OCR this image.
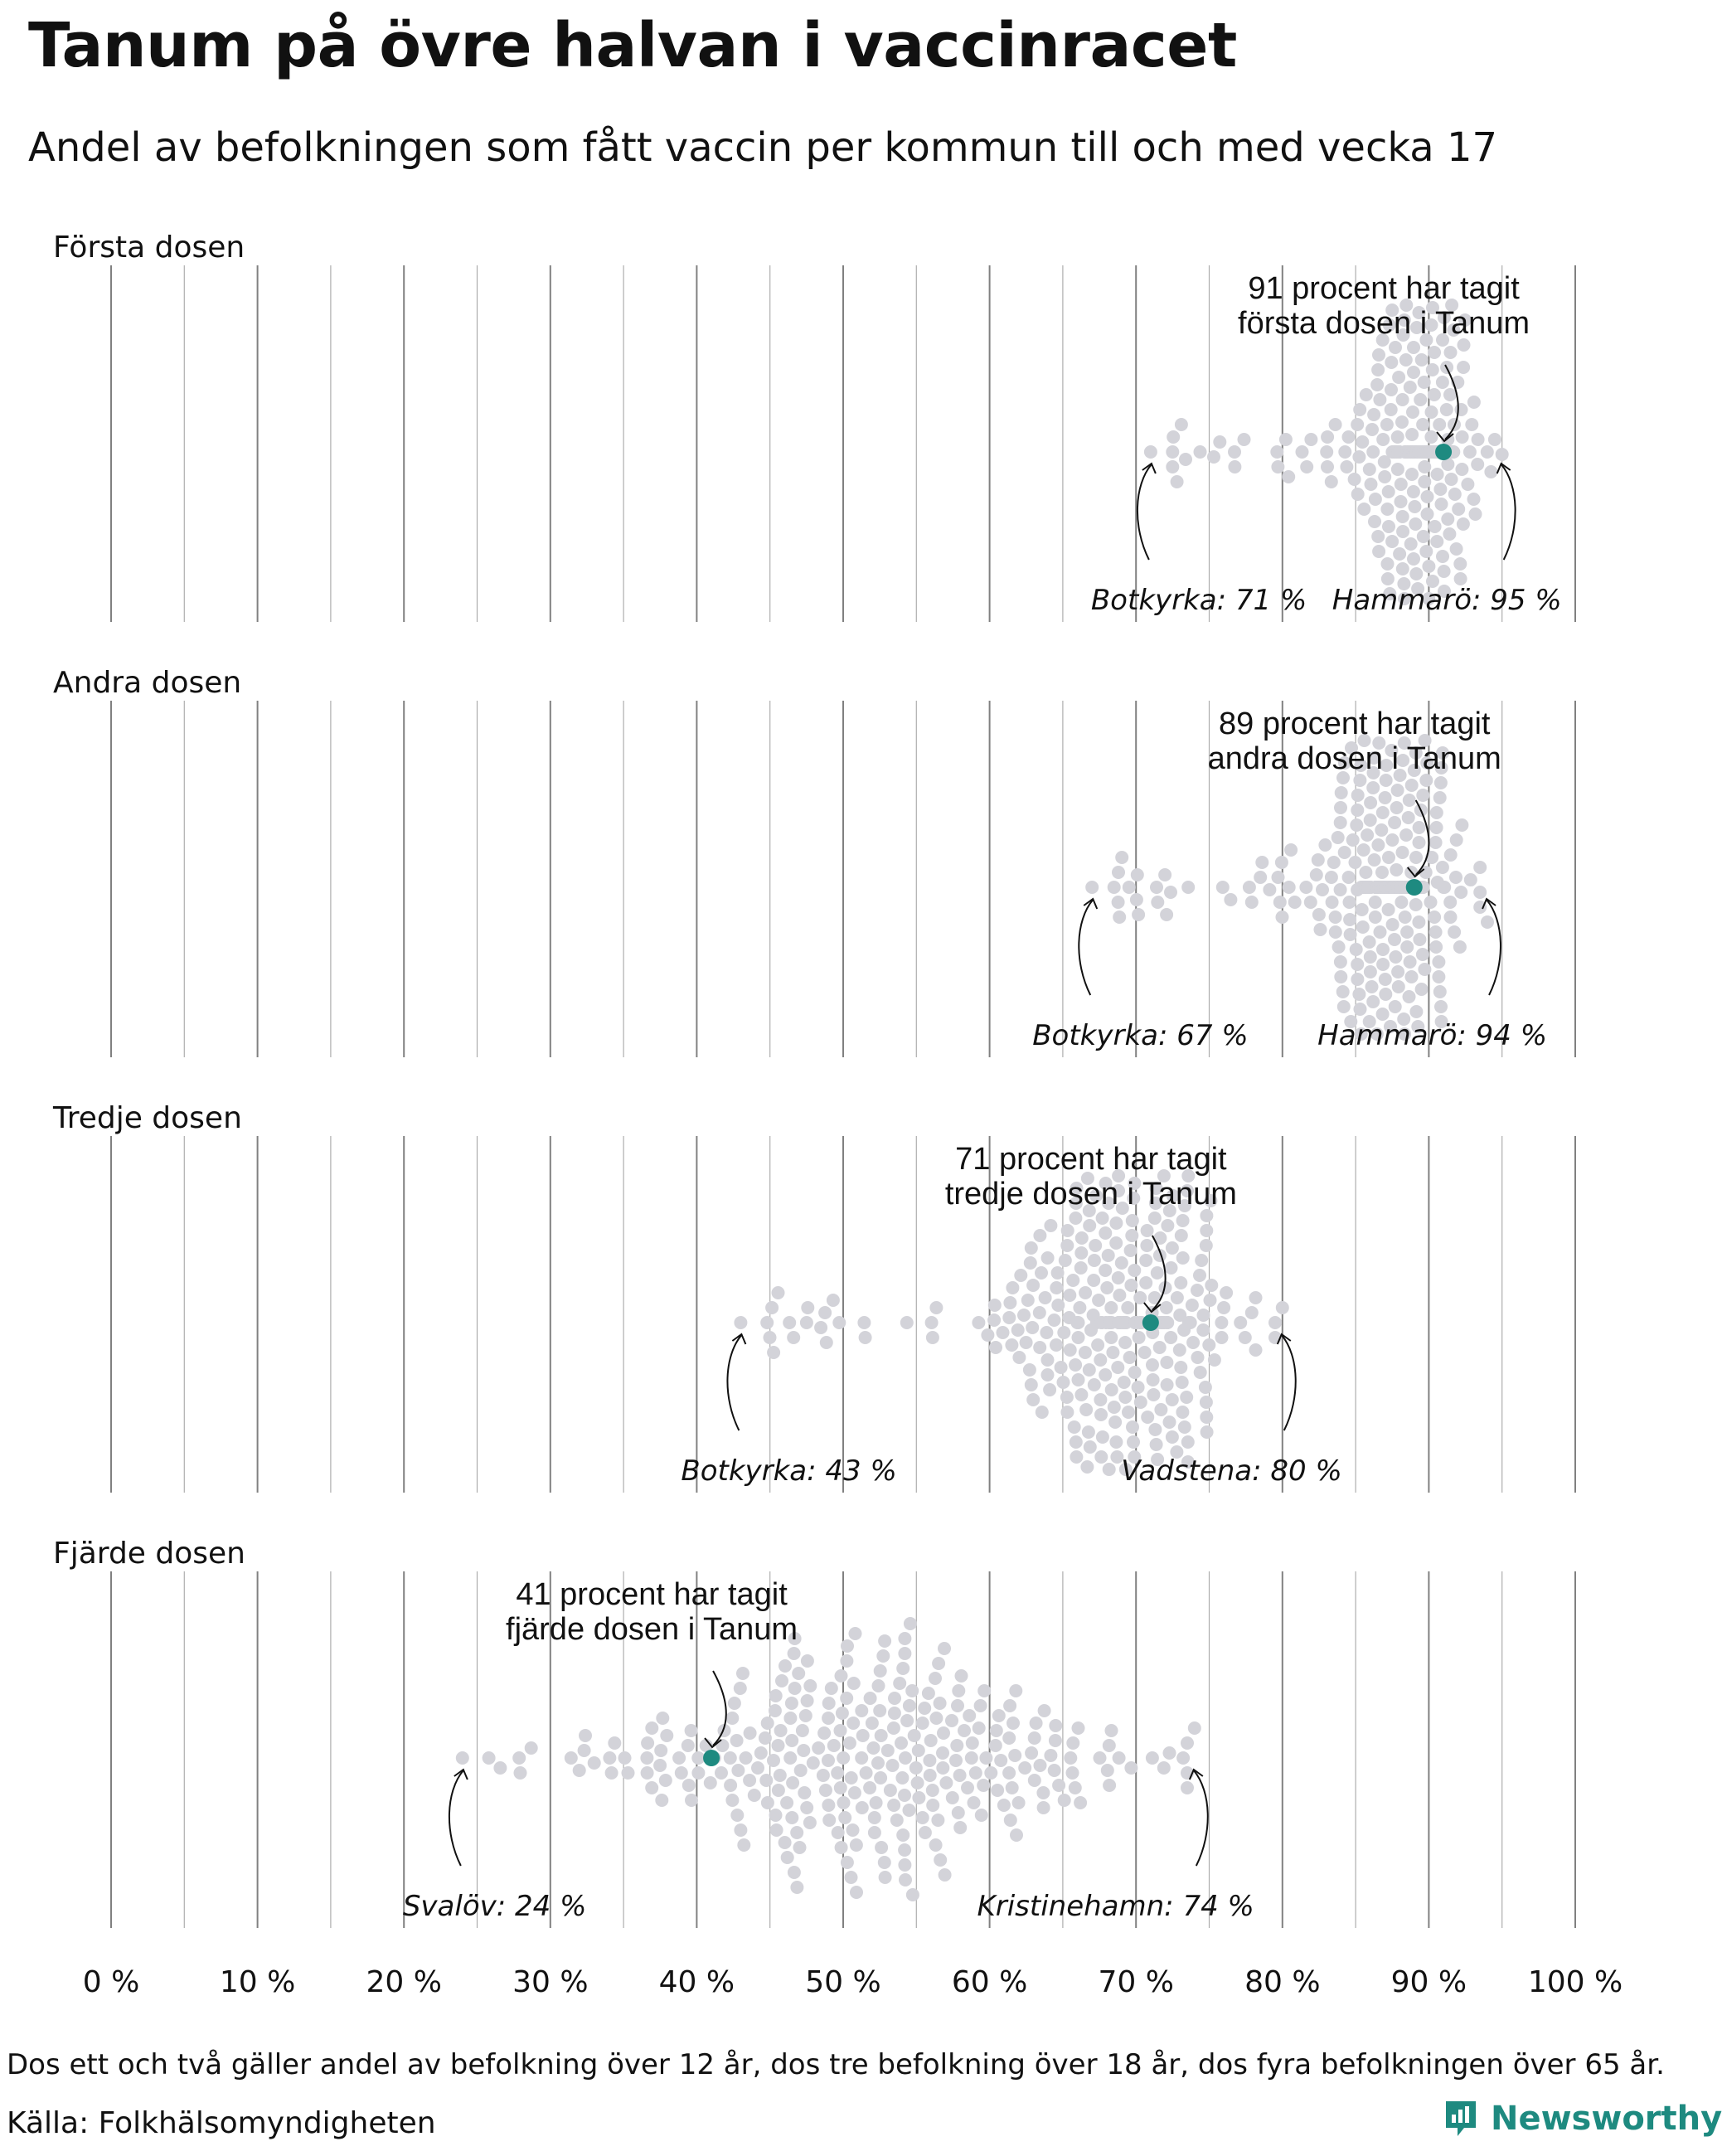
Tanum på övre halvan i vaccinracet
Andel av befolkningen som fått vaccin per kommun till och med vecka 17
Första dosen
91 procent har tagit första dosen i Tanum
Botkyrka: 71 % Hammarö: 95 %
Andra dosen
89 procent har tagit andra dosen i Tanum
Botkyrka: 67 % Hammarö: 94 %
Tredje dosen
71 procent har tagit tredje dosen i Tanum
Botkyrka: 43 %	Vadstena: 80 %
Fjärde dosen
41 procent har tagit fjärde dosen i Tanum
Svalöv: 24 %	Kristinehamn: 74 %
0 %	10 % 20 % 30 % 40 % 50 % 60 % 70 % 80 % 90 % 100 %
Dos ett och två gäller andel av befolkning över 12 år, dos tre befolkning över 18 år, dos fyra befolkningen över 65 år.
Källa: Folkhälsomyndigheten	Newsworthy
